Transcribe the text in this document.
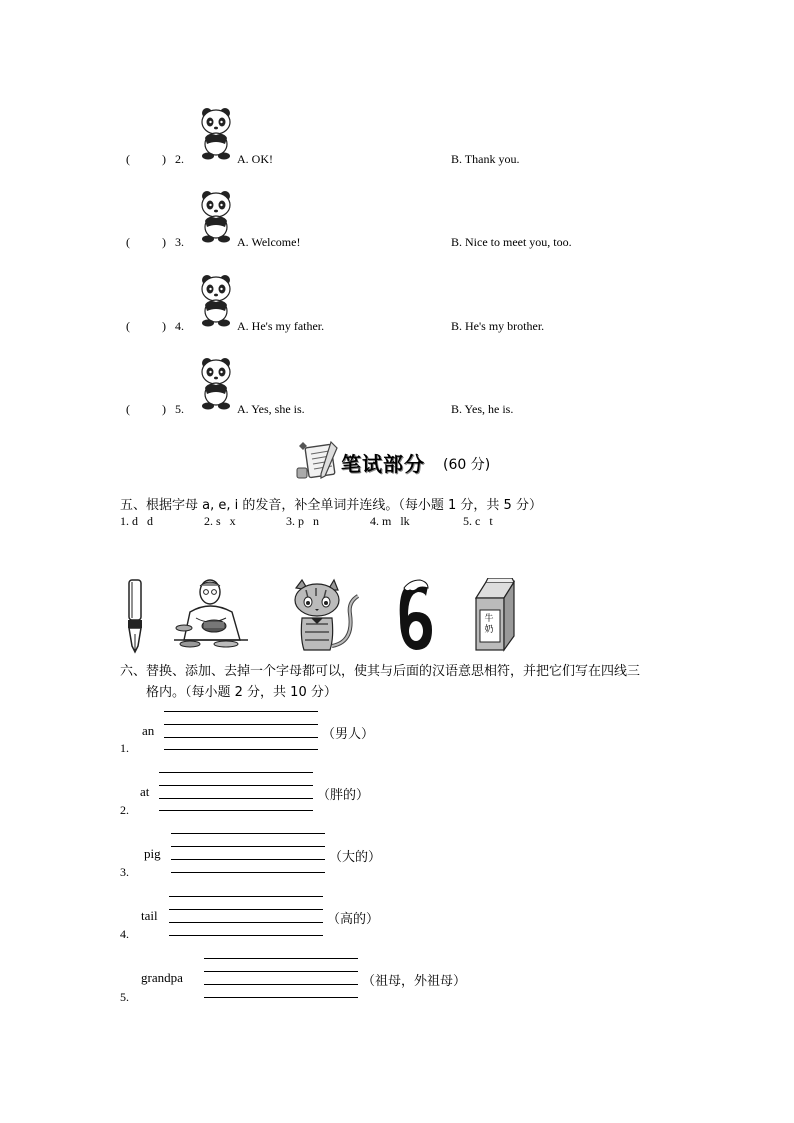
(	) 2.	A. OK!	B. Thank you.
(	) 3.	A. Welcome!	B. Nice to meet you, too.
(	) 4.	A. He's my father.	B. He's my brother.
(	) 5.	A. Yes, she is.	B. Yes, he is.
笔试部分 (60 分)
五、根据字母 a, e, i 的发音，补全单词并连线。（每小题 1 分，共 5 分）
1. d   d	2. s   x	3. p   n	4. m   lk	5. c   t
牛奶
六、替换、添加、去掉一个字母都可以，使其与后面的汉语意思相符，并把它们写在四线三
格内。（每小题 2 分，共 10 分）
an	（男人）
1.
at	（胖的）
2.
pig	（大的）
3.
tail	（高的）
4.
grandpa	（祖母，外祖母）
5.
